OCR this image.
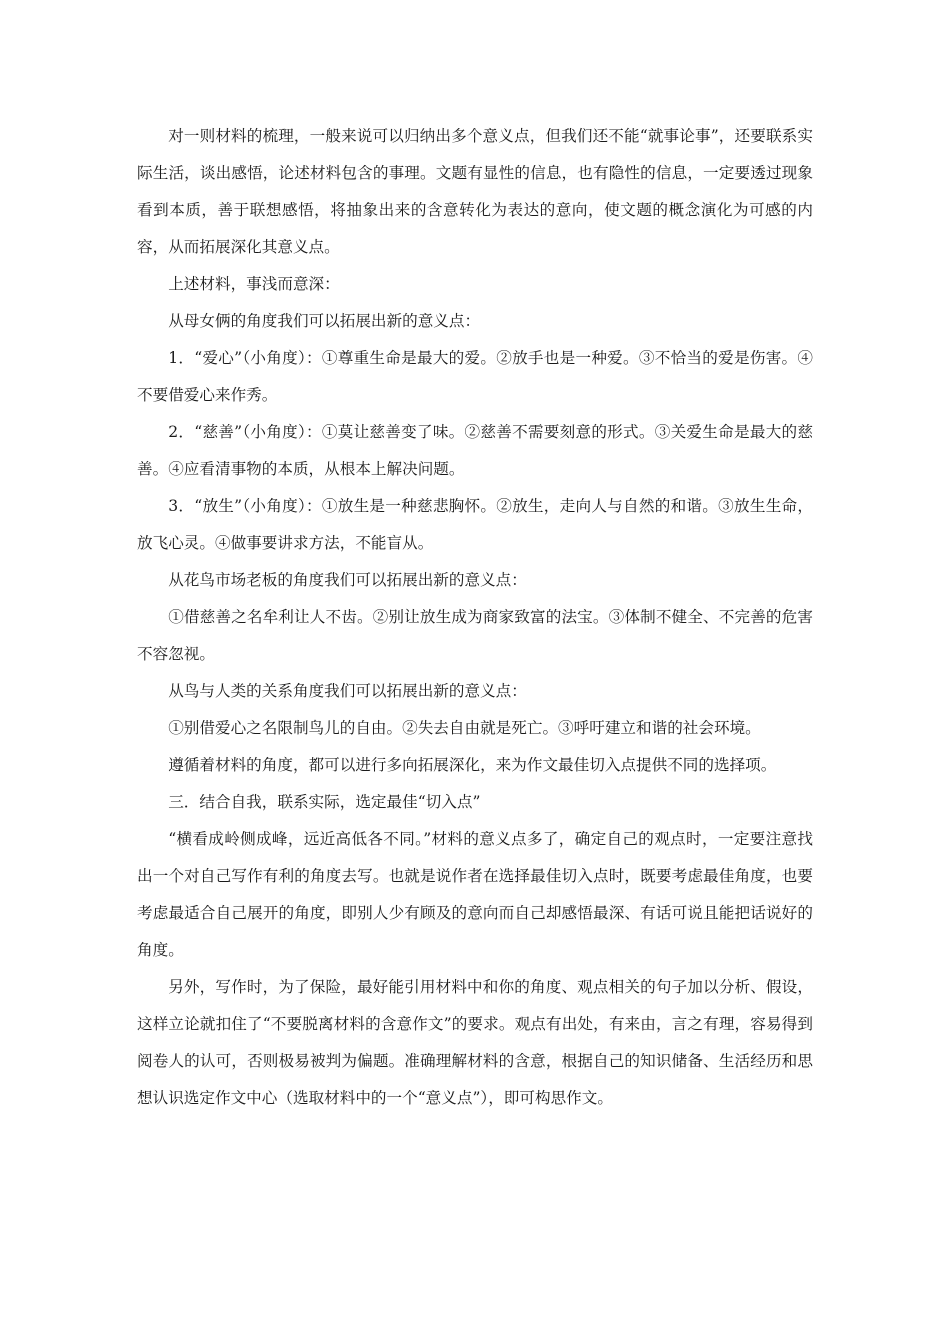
对一则材料的梳理，一般来说可以归纳出多个意义点，但我们还不能“就事论事”，还要联系实际生活，谈出感悟，论述材料包含的事理。文题有显性的信息，也有隐性的信息，一定要透过现象看到本质，善于联想感悟，将抽象出来的含意转化为表达的意向，使文题的概念演化为可感的内容，从而拓展深化其意义点。

上述材料，事浅而意深：

从母女俩的角度我们可以拓展出新的意义点：

1．“爱心”（小角度）：①尊重生命是最大的爱。②放手也是一种爱。③不恰当的爱是伤害。④不要借爱心来作秀。

2．“慈善”（小角度）：①莫让慈善变了味。②慈善不需要刻意的形式。③关爱生命是最大的慈善。④应看清事物的本质，从根本上解决问题。

3．“放生”（小角度）：①放生是一种慈悲胸怀。②放生，走向人与自然的和谐。③放生生命，放飞心灵。④做事要讲求方法，不能盲从。

从花鸟市场老板的角度我们可以拓展出新的意义点：

①借慈善之名牟利让人不齿。②别让放生成为商家致富的法宝。③体制不健全、不完善的危害不容忽视。

从鸟与人类的关系角度我们可以拓展出新的意义点：

①别借爱心之名限制鸟儿的自由。②失去自由就是死亡。③呼吁建立和谐的社会环境。

遵循着材料的角度，都可以进行多向拓展深化，来为作文最佳切入点提供不同的选择项。

三．结合自我，联系实际，选定最佳“切入点”

“横看成岭侧成峰，远近高低各不同。”材料的意义点多了，确定自己的观点时，一定要注意找出一个对自己写作有利的角度去写。也就是说作者在选择最佳切入点时，既要考虑最佳角度，也要考虑最适合自己展开的角度，即别人少有顾及的意向而自己却感悟最深、有话可说且能把话说好的角度。

另外，写作时，为了保险，最好能引用材料中和你的角度、观点相关的句子加以分析、假设，这样立论就扣住了“不要脱离材料的含意作文”的要求。观点有出处，有来由，言之有理，容易得到阅卷人的认可，否则极易被判为偏题。准确理解材料的含意，根据自己的知识储备、生活经历和思想认识选定作文中心（选取材料中的一个“意义点”），即可构思作文。
